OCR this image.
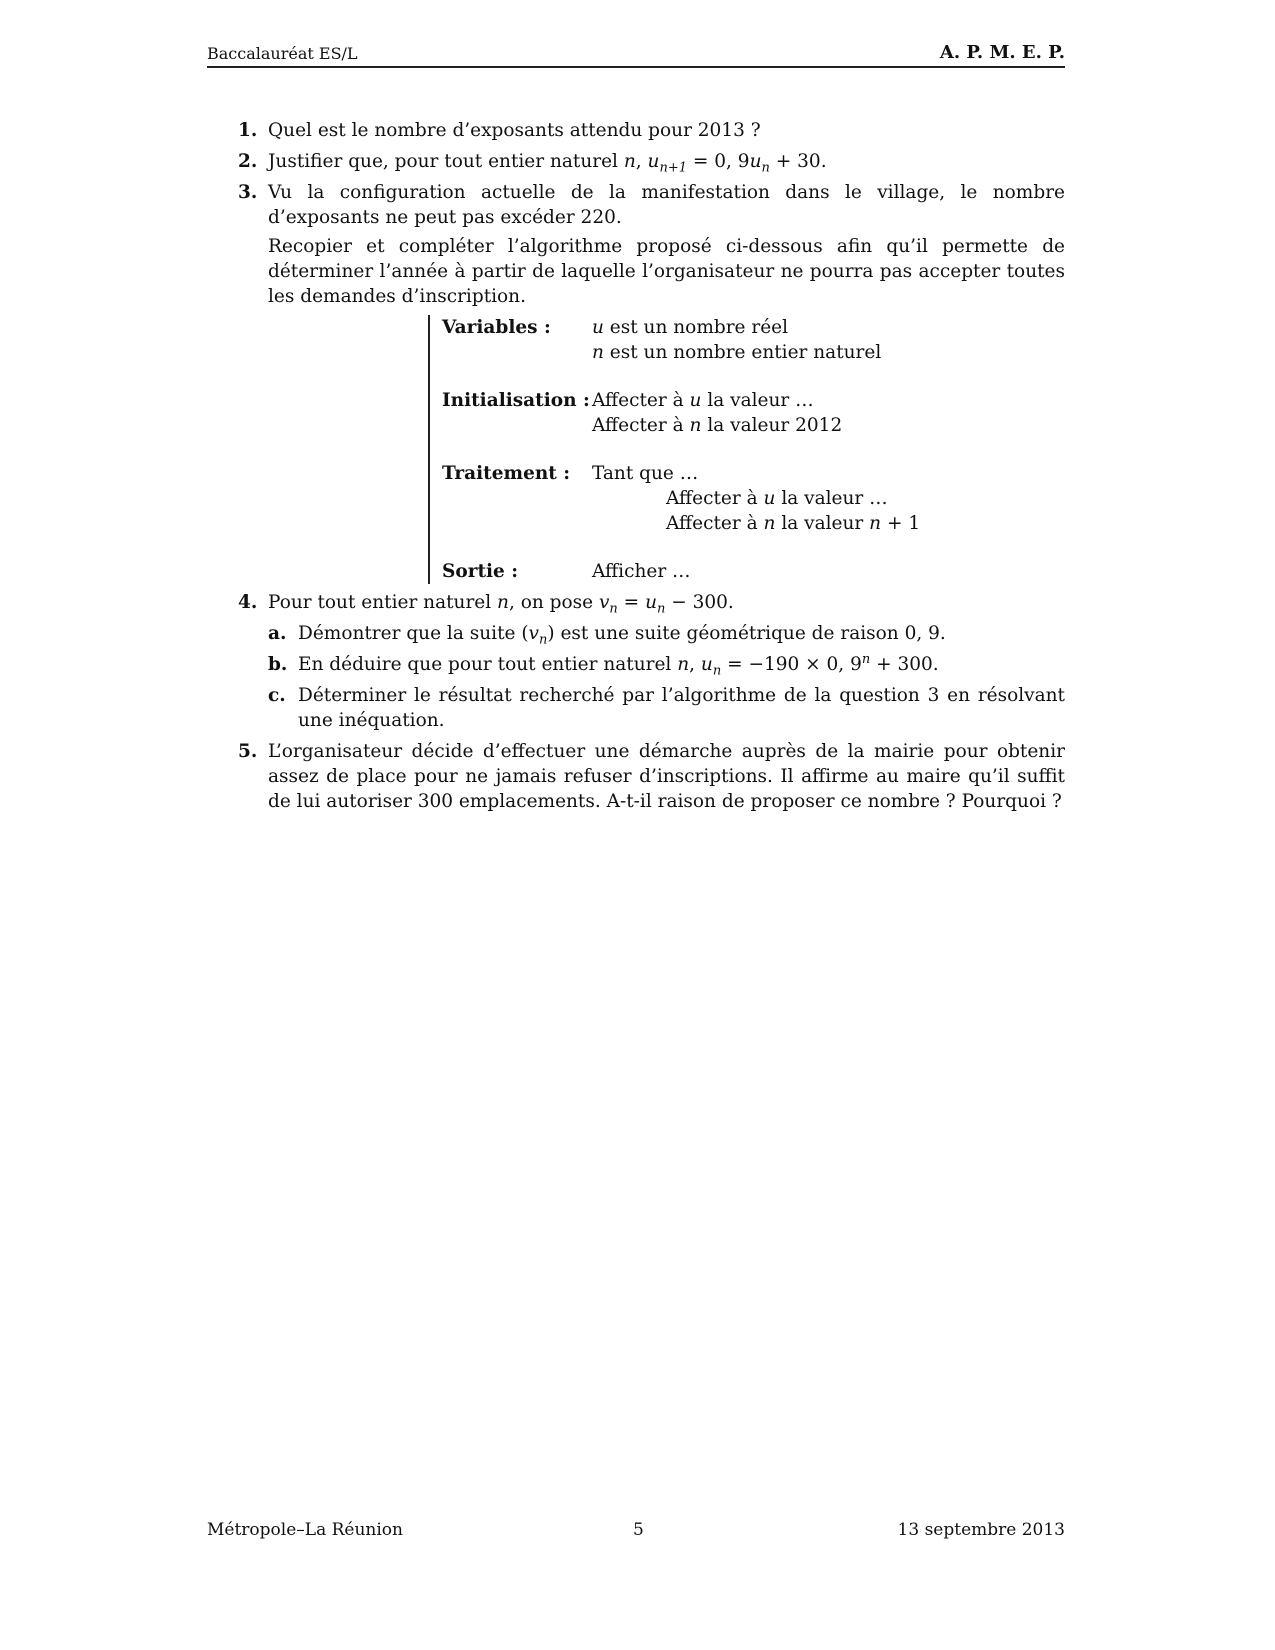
Baccalauréat ES/L	A. P. M. E. P.
1. Quel est le nombre d’exposants attendu pour 2013 ?
2. Justifier que, pour tout entier naturel n, $u_{n+1} = 0$, $9u_n + 30$.
3. Vu la configuration actuelle de la manifestation dans le village, le nombre d’exposants ne peut pas excéder 220.

Recopier et compléter l’algorithme proposé ci-dessous afin qu’il permette de déterminer l’année à partir de laquelle l’organisateur ne pourra pas accepter toutes les demandes d’inscription.

Variables :	u est un nombre réel
n est un nombre entier naturel
Initialisation : Affecter à u la valeur …
Affecter à n la valeur 2012
Traitement :	Tant que …
Affecter à u la valeur …
Affecter à n la valeur n + 1
Sortie :	Afficher …
4. Pour tout entier naturel n, on pose $v_n = u_n - 300$.
a. Démontrer que la suite $(v_n)$ est une suite géométrique de raison 0, 9.
b. En déduire que pour tout entier naturel n, $u_n = -190 \times 0$, $9^n + 300$.
c. Déterminer le résultat recherché par l’algorithme de la question 3 en résolvant une inéquation.
5. L’organisateur décide d’effectuer une démarche auprès de la mairie pour obtenir assez de place pour ne jamais refuser d’inscriptions. Il affirme au maire qu’il suffit de lui autoriser 300 emplacements. A-t-il raison de proposer ce nombre ? Pourquoi ?
Métropole–La Réunion	5	13 septembre 2013
